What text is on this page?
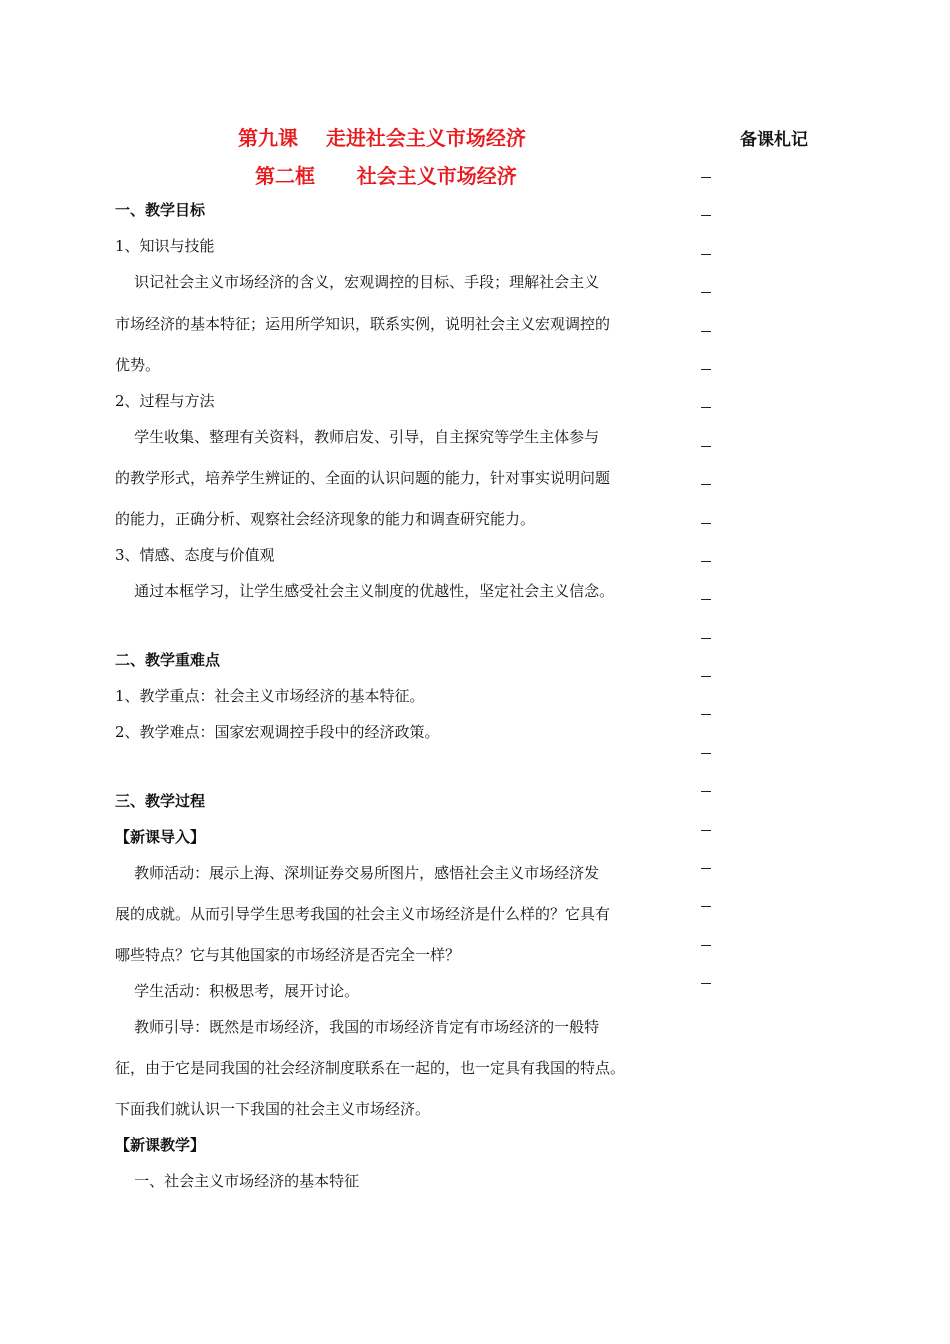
第九课    走进社会主义市场经济
第二框      社会主义市场经济
备课札记
一、教学目标
1、知识与技能
识记社会主义市场经济的含义，宏观调控的目标、手段；理解社会主义
市场经济的基本特征；运用所学知识，联系实例，说明社会主义宏观调控的
优势。
2、过程与方法
学生收集、整理有关资料，教师启发、引导，自主探究等学生主体参与
的教学形式，培养学生辨证的、全面的认识问题的能力，针对事实说明问题
的能力，正确分析、观察社会经济现象的能力和调查研究能力。
3、情感、态度与价值观
通过本框学习，让学生感受社会主义制度的优越性，坚定社会主义信念。
二、教学重难点
1、教学重点：社会主义市场经济的基本特征。
2、教学难点：国家宏观调控手段中的经济政策。
三、教学过程
【新课导入】
教师活动：展示上海、深圳证券交易所图片，感悟社会主义市场经济发
展的成就。从而引导学生思考我国的社会主义市场经济是什么样的？它具有
哪些特点？它与其他国家的市场经济是否完全一样？
学生活动：积极思考，展开讨论。
教师引导：既然是市场经济，我国的市场经济肯定有市场经济的一般特
征，由于它是同我国的社会经济制度联系在一起的，也一定具有我国的特点。
下面我们就认识一下我国的社会主义市场经济。
【新课教学】
一、社会主义市场经济的基本特征
